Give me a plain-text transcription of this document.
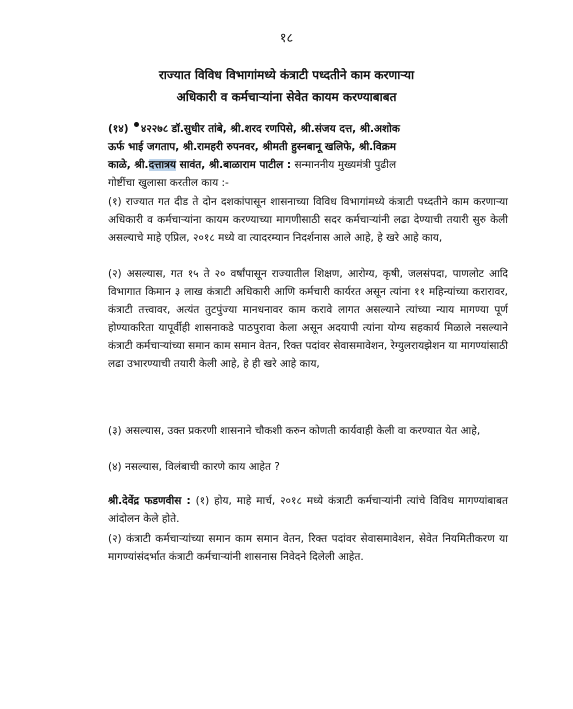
१८
राज्यात विविध विभागांमध्ये कंत्राटी पध्दतीने काम करणाऱ्या
अधिकारी व कर्मचाऱ्यांना सेवेत कायम करण्याबाबत
(१४) ४२२७८ डॉ.सुधीर तांबे, श्री.शरद रणपिसे, श्री.संजय दत्त, श्री.अशोक
ऊर्फ भाई जगताप, श्री.रामहरी रुपनवर, श्रीमती हुस्नबानू खलिफे, श्री.विक्रम
काळे, श्री.दत्तात्रय सावंत, श्री.बाळाराम पाटील : सन्माननीय मुख्यमंत्री पुढील
गोष्टींचा खुलासा करतील काय :-
(१) राज्यात गत दीड ते दोन दशकांपासून शासनाच्या विविध विभागांमध्ये कंत्राटी पध्दतीने काम करणाऱ्या अधिकारी व कर्मचाऱ्यांना कायम करण्याच्या मागणीसाठी सदर कर्मचाऱ्यांनी लढा देण्याची तयारी सुरु केली असल्याचे माहे एप्रिल, २०१८ मध्ये वा त्यादरम्यान निदर्शनास आले आहे, हे खरे आहे काय,
(२) असल्यास, गत १५ ते २० वर्षांपासून राज्यातील शिक्षण, आरोग्य, कृषी, जलसंपदा, पाणलोट आदि विभागात किमान ३ लाख कंत्राटी अधिकारी आणि कर्मचारी कार्यरत असून त्यांना ११ महिन्यांच्या करारावर, कंत्राटी तत्त्वावर, अत्यंत तुटपुंज्या मानधनावर काम करावे लागत असल्याने त्यांच्या न्याय मागण्या पूर्ण होण्याकरिता यापूर्वीही शासनाकडे पाठपुरावा केला असून अदयापी त्यांना योग्य सहकार्य मिळाले नसल्याने कंत्राटी कर्मचाऱ्यांच्या समान काम समान वेतन, रिक्त पदांवर सेवासमावेशन, रेग्युलरायझेशन या मागण्यांसाठी लढा उभारण्याची तयारी केली आहे, हे ही खरे आहे काय,
(३) असल्यास, उक्त प्रकरणी शासनाने चौकशी करुन कोणती कार्यवाही केली वा करण्यात येत आहे,
(४) नसल्यास, विलंबाची कारणे काय आहेत ?
श्री.देवेंद्र फडणवीस : (१) होय, माहे मार्च, २०१८ मध्ये कंत्राटी कर्मचाऱ्यांनी त्यांचे विविध मागण्यांबाबत आंदोलन केले होते.
(२) कंत्राटी कर्मचाऱ्यांच्या समान काम समान वेतन, रिक्त पदांवर सेवासमावेशन, सेवेत नियमितीकरण या मागण्यांसंदर्भात कंत्राटी कर्मचाऱ्यांनी शासनास निवेदने दिलेली आहेत.
